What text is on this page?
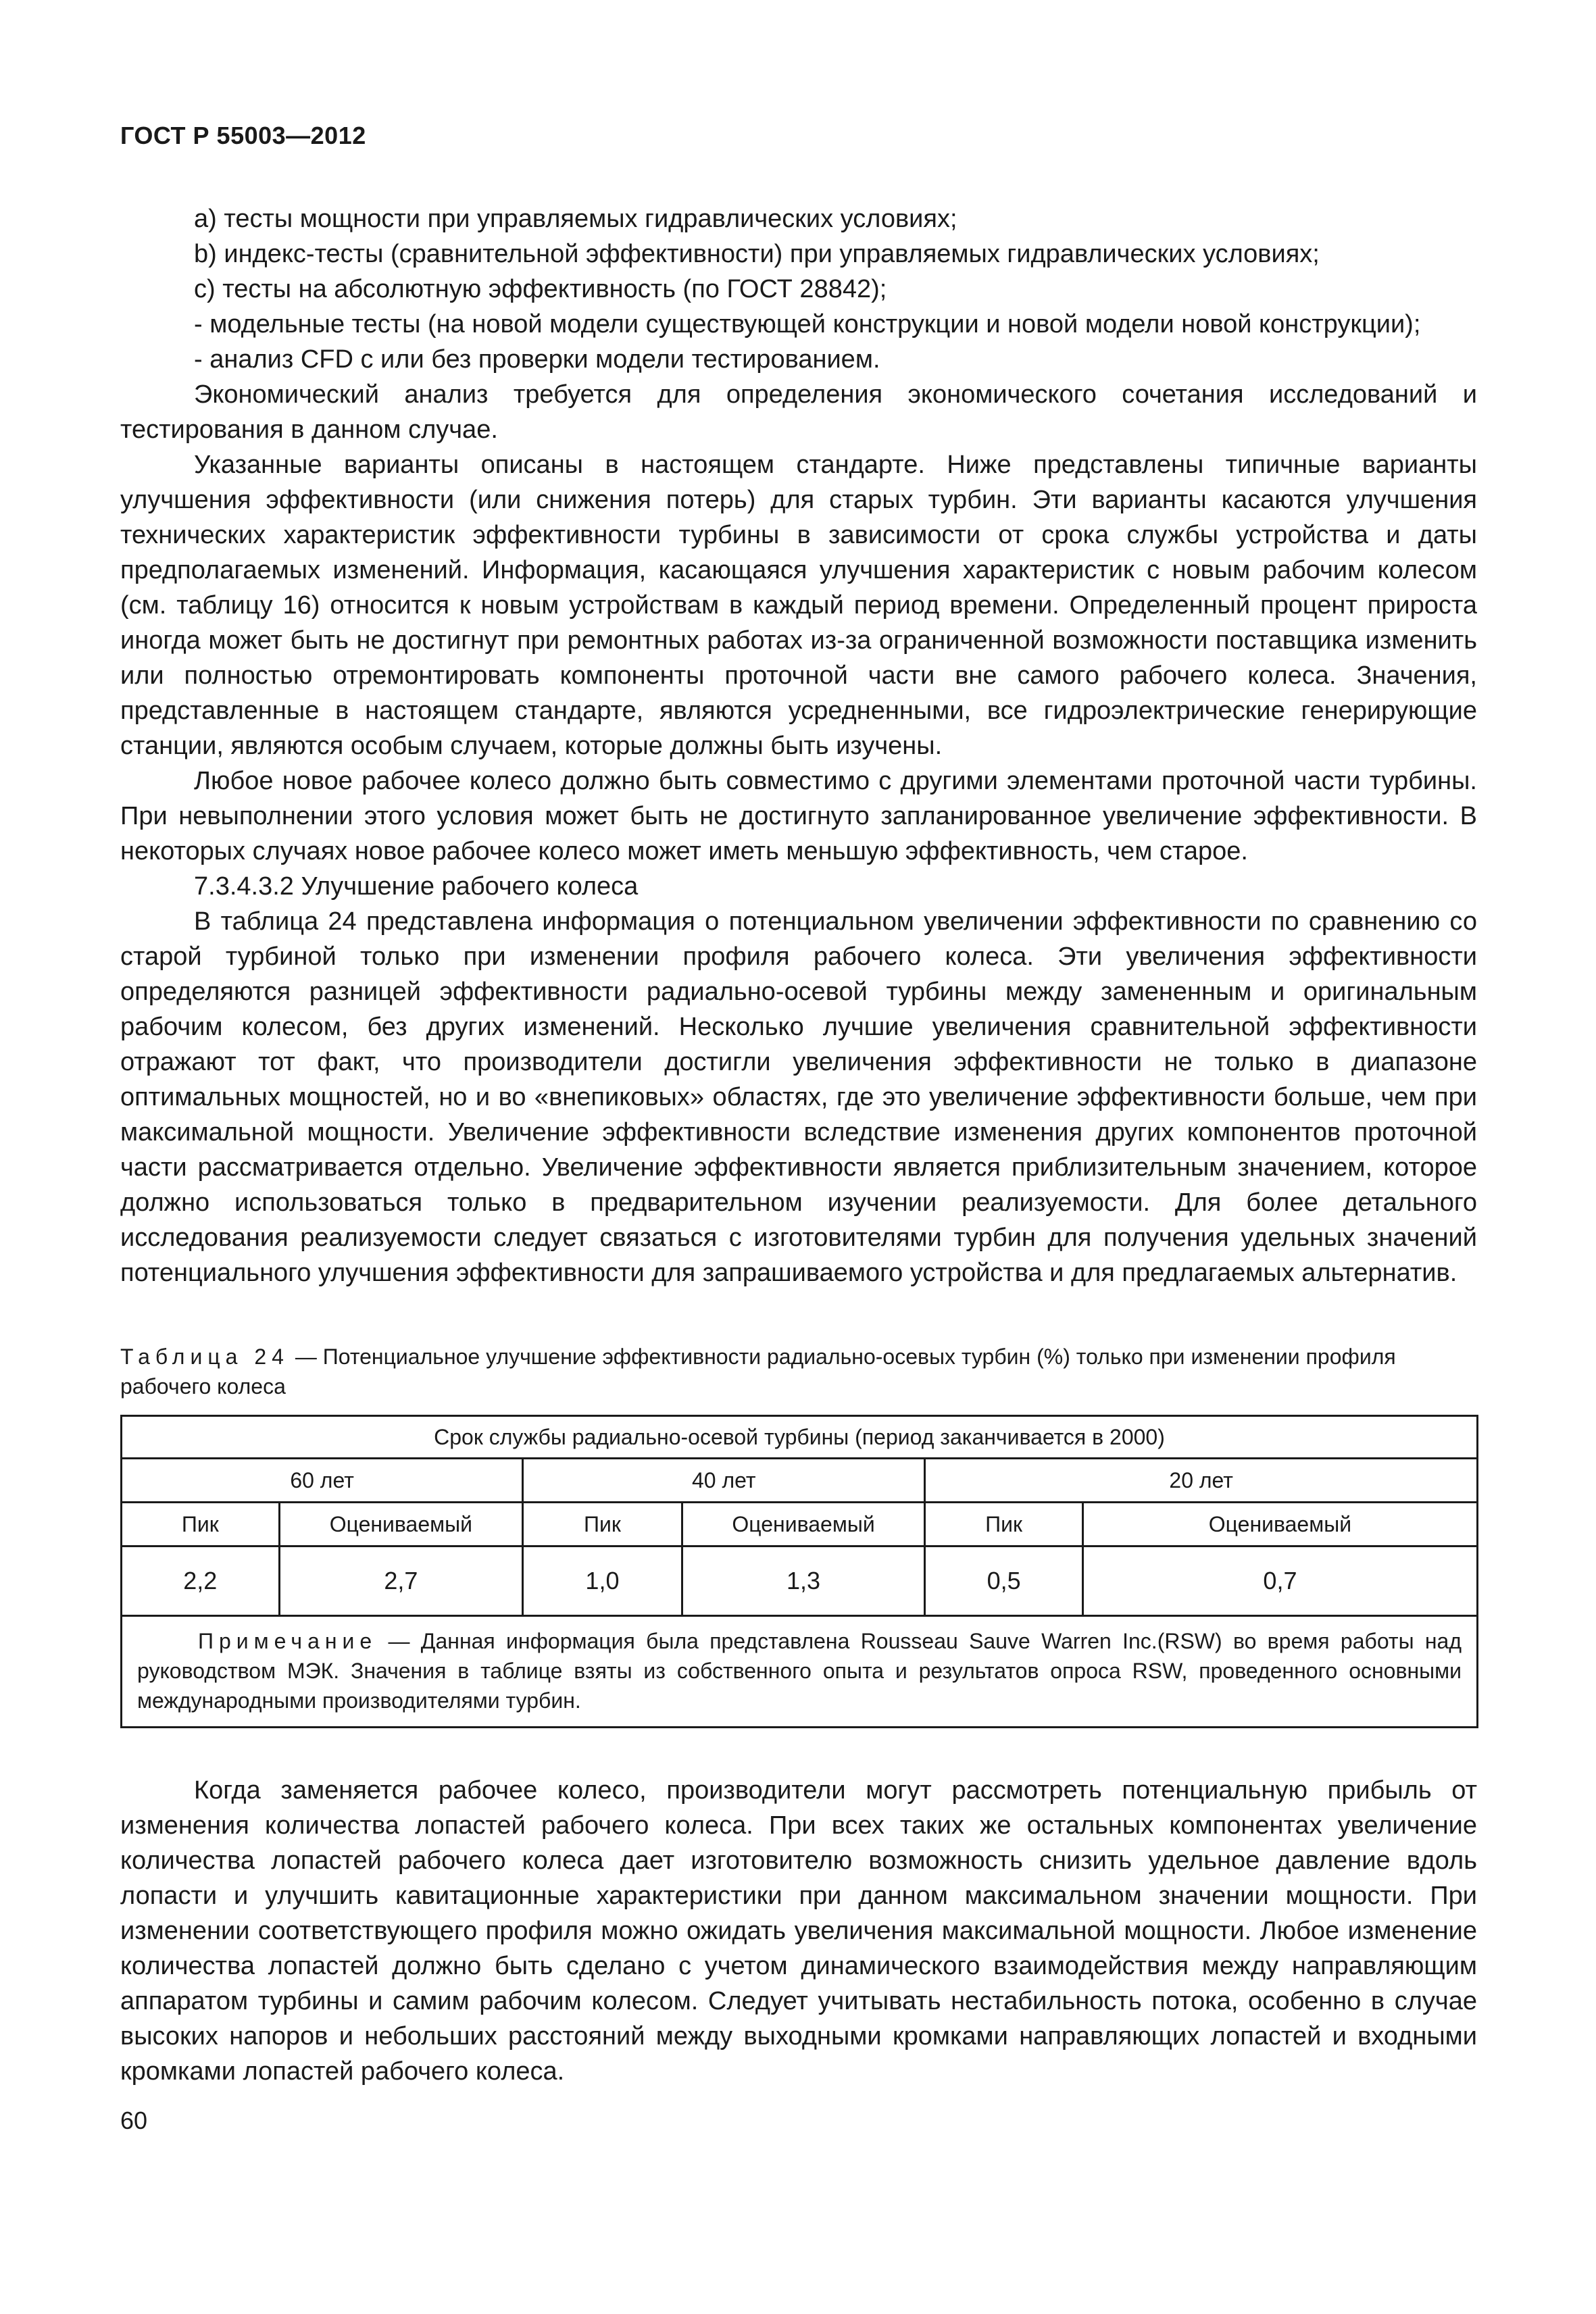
ГОСТ Р 55003—2012

a) тесты мощности при управляемых гидравлических условиях;

b) индекс-тесты (сравнительной эффективности) при управляемых гидравлических условиях;

c) тесты на абсолютную эффективность (по ГОСТ 28842);

- модельные тесты (на новой модели существующей конструкции и новой модели новой конструкции);

- анализ CFD с или без проверки модели тестированием.

Экономический анализ требуется для определения экономического сочетания исследований и тестирования в данном случае.

Указанные варианты описаны в настоящем стандарте. Ниже представлены типичные варианты улучшения эффективности (или снижения потерь) для старых турбин. Эти варианты касаются улучшения технических характеристик эффективности турбины в зависимости от срока службы устройства и даты предполагаемых изменений. Информация, касающаяся улучшения характеристик с новым рабочим колесом (см. таблицу 16) относится к новым устройствам в каждый период времени. Определенный процент прироста иногда может быть не достигнут при ремонтных работах из-за ограниченной возможности поставщика изменить или полностью отремонтировать компоненты проточной части вне самого рабочего колеса. Значения, представленные в настоящем стандарте, являются усредненными, все гидроэлектрические генерирующие станции, являются особым случаем, которые должны быть изучены.

Любое новое рабочее колесо должно быть совместимо с другими элементами проточной части турбины. При невыполнении этого условия может быть не достигнуто запланированное увеличение эффективности. В некоторых случаях новое рабочее колесо может иметь меньшую эффективность, чем старое.

7.3.4.3.2 Улучшение рабочего колеса

В таблица 24 представлена информация о потенциальном увеличении эффективности по сравнению со старой турбиной только при изменении профиля рабочего колеса. Эти увеличения эффективности определяются разницей эффективности радиально-осевой турбины между замененным и оригинальным рабочим колесом, без других изменений. Несколько лучшие увеличения сравнительной эффективности отражают тот факт, что производители достигли увеличения эффективности не только в диапазоне оптимальных мощностей, но и во «внепиковых» областях, где это увеличение эффективности больше, чем при максимальной мощности. Увеличение эффективности вследствие изменения других компонентов проточной части рассматривается отдельно. Увеличение эффективности является приблизительным значением, которое должно использоваться только в предварительном изучении реализуемости. Для более детального исследования реализуемости следует связаться с изготовителями турбин для получения удельных значений потенциального улучшения эффективности для запрашиваемого устройства и для предлагаемых альтернатив.

Таблица 24 — Потенциальное улучшение эффективности радиально-осевых турбин (%) только при изменении профиля рабочего колеса
Срок службы радиально-осевой турбины (период заканчивается в 2000)					
60 лет		40 лет		20 лет	
Пик	Оцениваемый	Пик	Оцениваемый	Пик	Оцениваемый
2,2	2,7	1,0	1,3	0,5	0,7
Примечание — Данная информация была представлена Rousseau Sauve Warren Inc.(RSW) во время работы над руководством МЭК. Значения в таблице взяты из собственного опыта и результатов опроса RSW, проведенного основными международными производителями турбин.					

Когда заменяется рабочее колесо, производители могут рассмотреть потенциальную прибыль от изменения количества лопастей рабочего колеса. При всех таких же остальных компонентах увеличение количества лопастей рабочего колеса дает изготовителю возможность снизить удельное давление вдоль лопасти и улучшить кавитационные характеристики при данном максимальном значении мощности. При изменении соответствующего профиля можно ожидать увеличения максимальной мощности. Любое изменение количества лопастей должно быть сделано с учетом динамического взаимодействия между направляющим аппаратом турбины и самим рабочим колесом. Следует учитывать нестабильность потока, особенно в случае высоких напоров и небольших расстояний между выходными кромками направляющих лопастей и входными кромками лопастей рабочего колеса.

60
